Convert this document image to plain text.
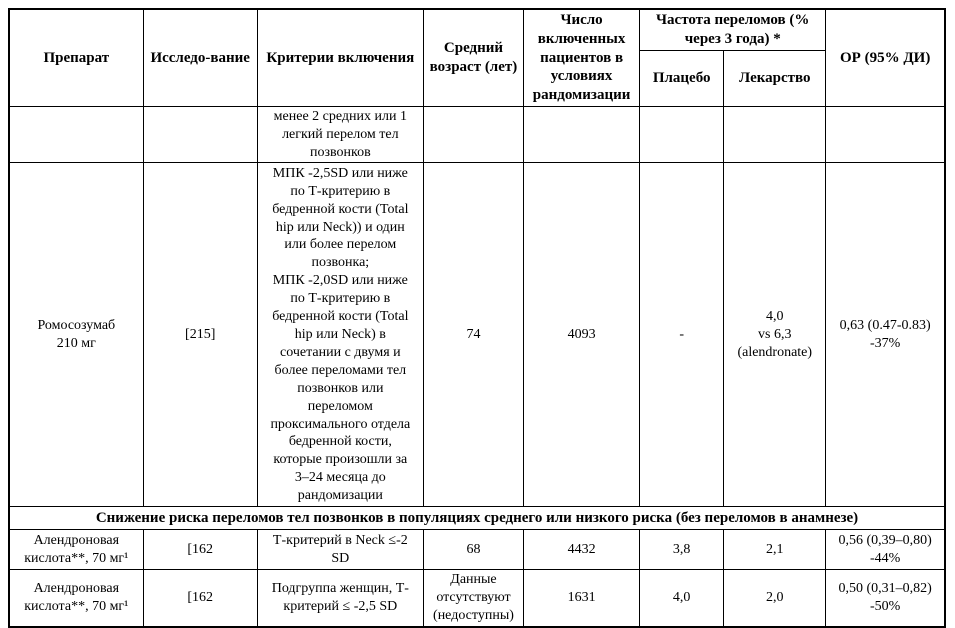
Препарат	Исследо-вание	Критерии включения	Средний возраст (лет)	Число включенных пациентов в условиях рандомизации	Частота переломов (% через 3 года) *		ОР (95% ДИ)
					Плацебо	Лекарство	
		менее 2 средних или 1
легкий перелом тел
позвонков					
Ромосозумаб
210 мг	[215]	МПК -2,5SD или ниже
по Т-критерию в
бедренной кости (Total
hip или Neck)) и один
или более перелом
позвонка;
МПК -2,0SD или ниже
по Т-критерию в
бедренной кости (Total
hip или Neck) в
сочетании с двумя и
более переломами тел
позвонков или
переломом
проксимального отдела
бедренной кости,
которые произошли за
3–24 месяца до
рандомизации	74	4093	-	4,0
vs 6,3
(alendronate)	0,63 (0.47-0.83)
-37%
Снижение риска переломов тел позвонков в популяциях среднего или низкого риска (без переломов в анамнезе)							
Алендроновая
кислота**, 70 мг¹	[162	Т-критерий в Neck ≤-2
SD	68	4432	3,8	2,1	0,56 (0,39–0,80)
-44%
Алендроновая
кислота**, 70 мг¹	[162	Подгруппа женщин, Т-
критерий ≤ -2,5 SD	Данные
отсутствуют
(недоступны)	1631	4,0	2,0	0,50 (0,31–0,82)
-50%
